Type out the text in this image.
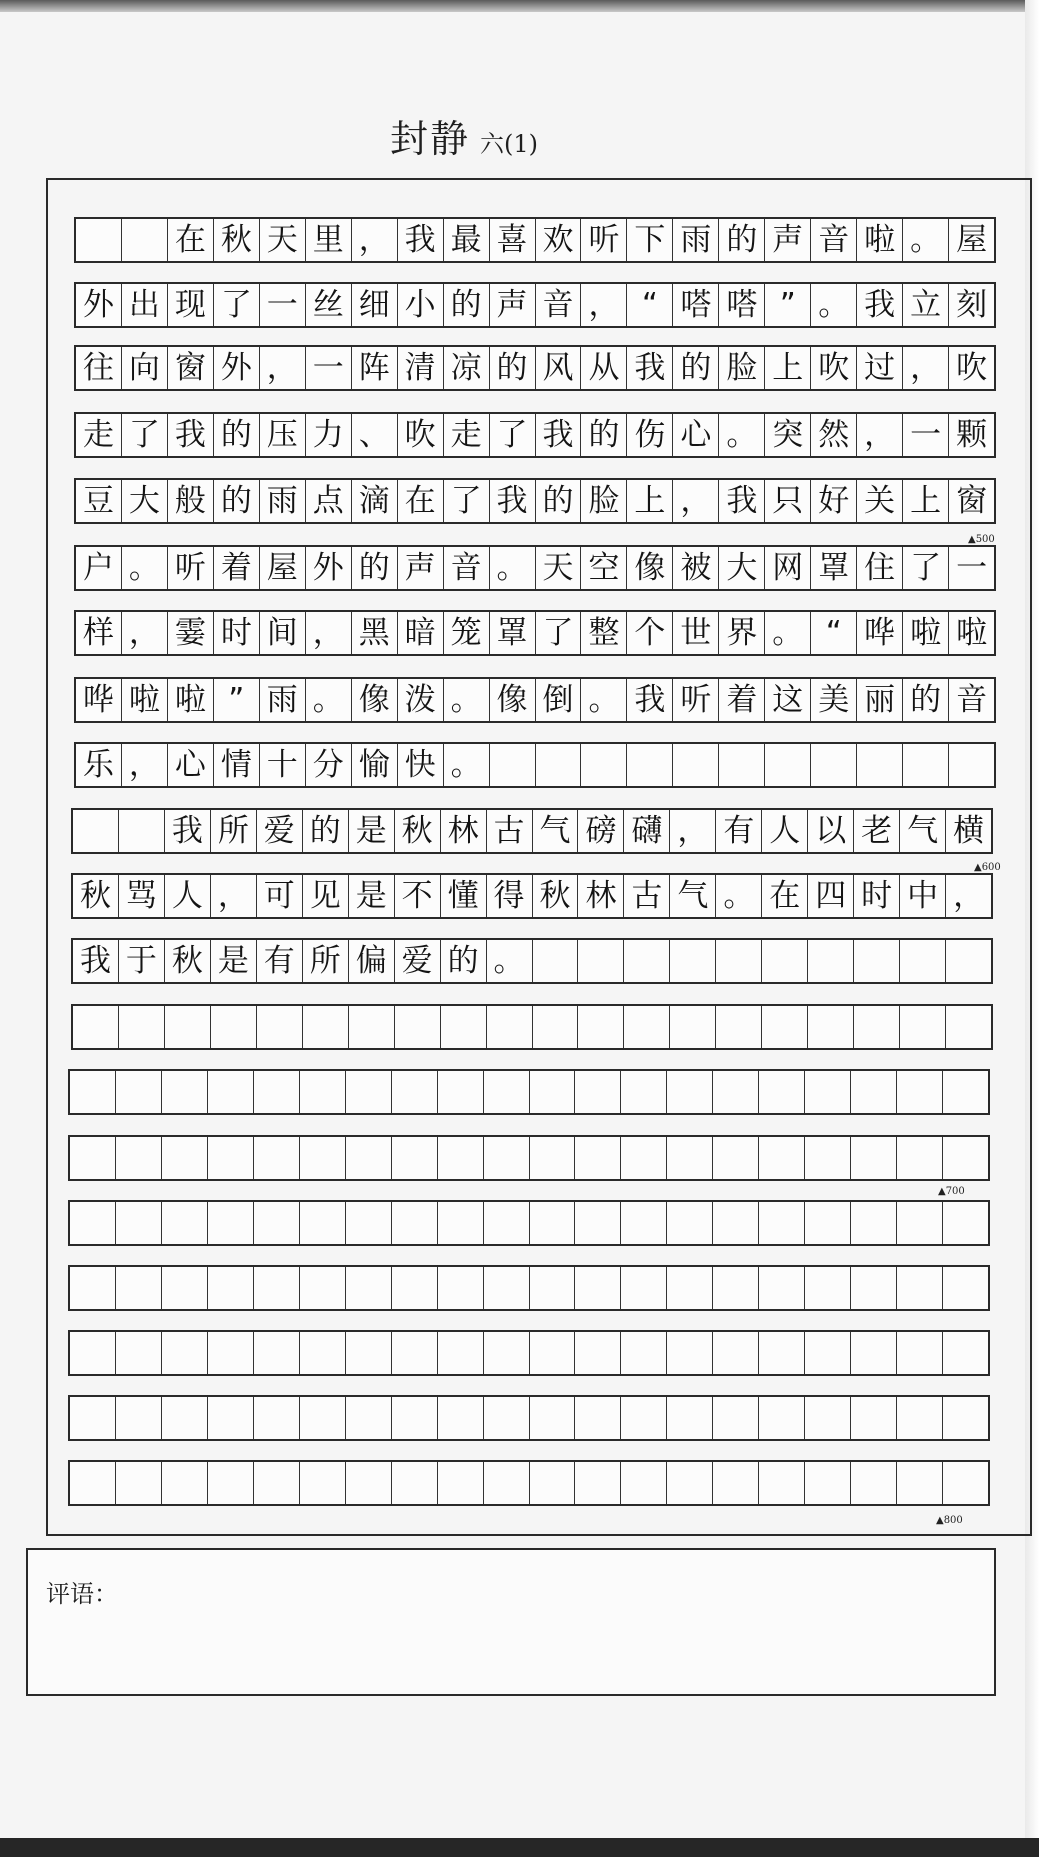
封静 六(1)
在 秋 天 里 ， 我 最 喜 欢 听 下 雨 的 声 音 啦 。 屋
外 出 现 了 一 丝 细 小 的 声 音 ， “ 嗒 嗒 ” 。 我 立 刻
往 向 窗 外 ， 一 阵 清 凉 的 风 从 我 的 脸 上 吹 过 ， 吹
走 了 我 的 压 力 、 吹 走 了 我 的 伤 心 。 突 然 ， 一 颗
豆 大 般 的 雨 点 滴 在 了 我 的 脸 上 ， 我 只 好 关 上 窗
户 。 听 着 屋 外 的 声 音 。 天 空 像 被 大 网 罩 住 了 一
样 ， 霎 时 间 ， 黑 暗 笼 罩 了 整 个 世 界 。 “ 哗 啦 啦
哗 啦 啦 ” 雨 。 像 泼 。 像 倒 。 我 听 着 这 美 丽 的 音
乐 ， 心 情 十 分 愉 快 。
我 所 爱 的 是 秋 林 古 气 磅 礴 ， 有 人 以 老 气 横
秋 骂 人 ， 可 见 是 不 懂 得 秋 林 古 气 。 在 四 时 中 ，
我 于 秋 是 有 所 偏 爱 的 。
▲500
▲600
▲700
▲800
评语：
